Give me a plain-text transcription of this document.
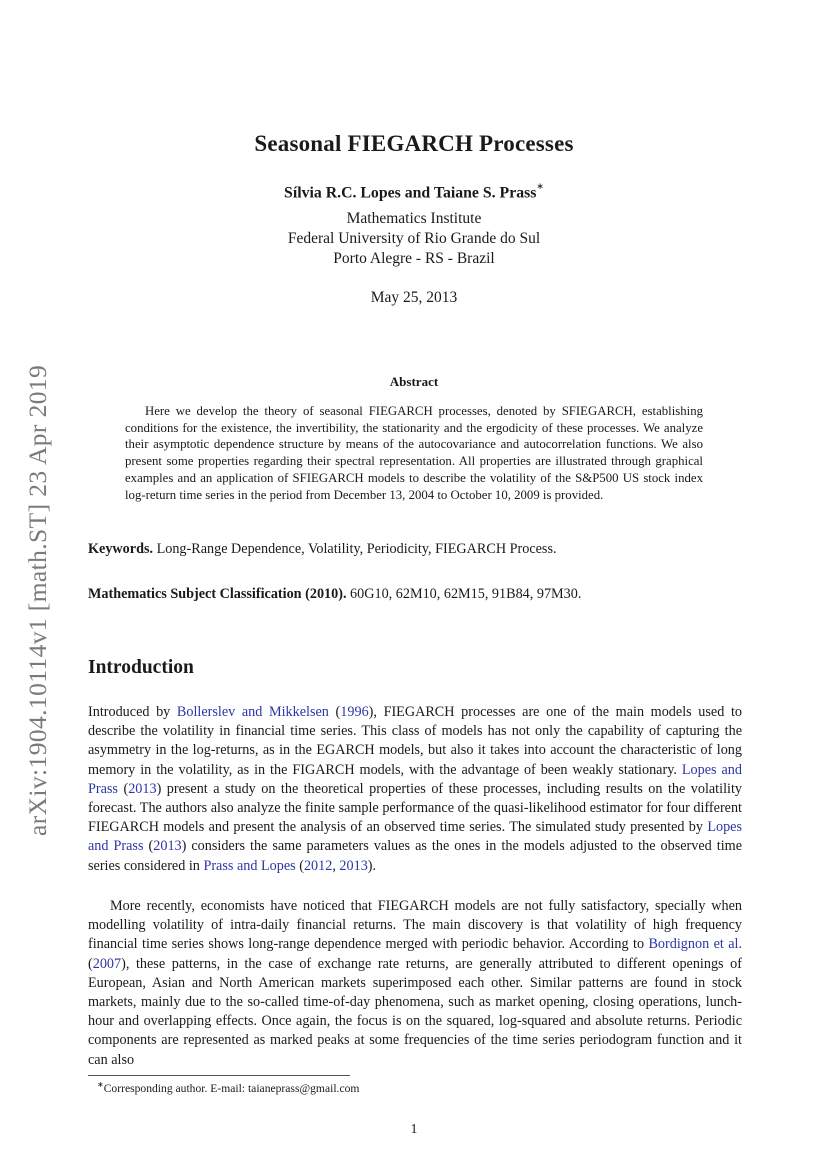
arXiv:1904.10114v1 [math.ST] 23 Apr 2019
Seasonal FIEGARCH Processes
Sílvia R.C. Lopes and Taiane S. Prass∗
Mathematics Institute
Federal University of Rio Grande do Sul
Porto Alegre - RS - Brazil
May 25, 2013
Abstract
Here we develop the theory of seasonal FIEGARCH processes, denoted by SFIEGARCH, establishing conditions for the existence, the invertibility, the stationarity and the ergodicity of these processes. We analyze their asymptotic dependence structure by means of the autocovariance and autocorrelation functions. We also present some properties regarding their spectral representation. All properties are illustrated through graphical examples and an application of SFIEGARCH models to describe the volatility of the S&P500 US stock index log-return time series in the period from December 13, 2004 to October 10, 2009 is provided.
Keywords. Long-Range Dependence, Volatility, Periodicity, FIEGARCH Process.
Mathematics Subject Classification (2010). 60G10, 62M10, 62M15, 91B84, 97M30.
Introduction
Introduced by Bollerslev and Mikkelsen (1996), FIEGARCH processes are one of the main models used to describe the volatility in financial time series. This class of models has not only the capability of capturing the asymmetry in the log-returns, as in the EGARCH models, but also it takes into account the characteristic of long memory in the volatility, as in the FIGARCH models, with the advantage of been weakly stationary. Lopes and Prass (2013) present a study on the theoretical properties of these processes, including results on the volatility forecast. The authors also analyze the finite sample performance of the quasi-likelihood estimator for four different FIEGARCH models and present the analysis of an observed time series. The simulated study presented by Lopes and Prass (2013) considers the same parameters values as the ones in the models adjusted to the observed time series considered in Prass and Lopes (2012, 2013).
More recently, economists have noticed that FIEGARCH models are not fully satisfactory, specially when modelling volatility of intra-daily financial returns. The main discovery is that volatility of high frequency financial time series shows long-range dependence merged with periodic behavior. According to Bordignon et al. (2007), these patterns, in the case of exchange rate returns, are generally attributed to different openings of European, Asian and North American markets superimposed each other. Similar patterns are found in stock markets, mainly due to the so-called time-of-day phenomena, such as market opening, closing operations, lunch-hour and overlapping effects. Once again, the focus is on the squared, log-squared and absolute returns. Periodic components are represented as marked peaks at some frequencies of the time series periodogram function and it can also
∗Corresponding author. E-mail: taianeprass@gmail.com
1
